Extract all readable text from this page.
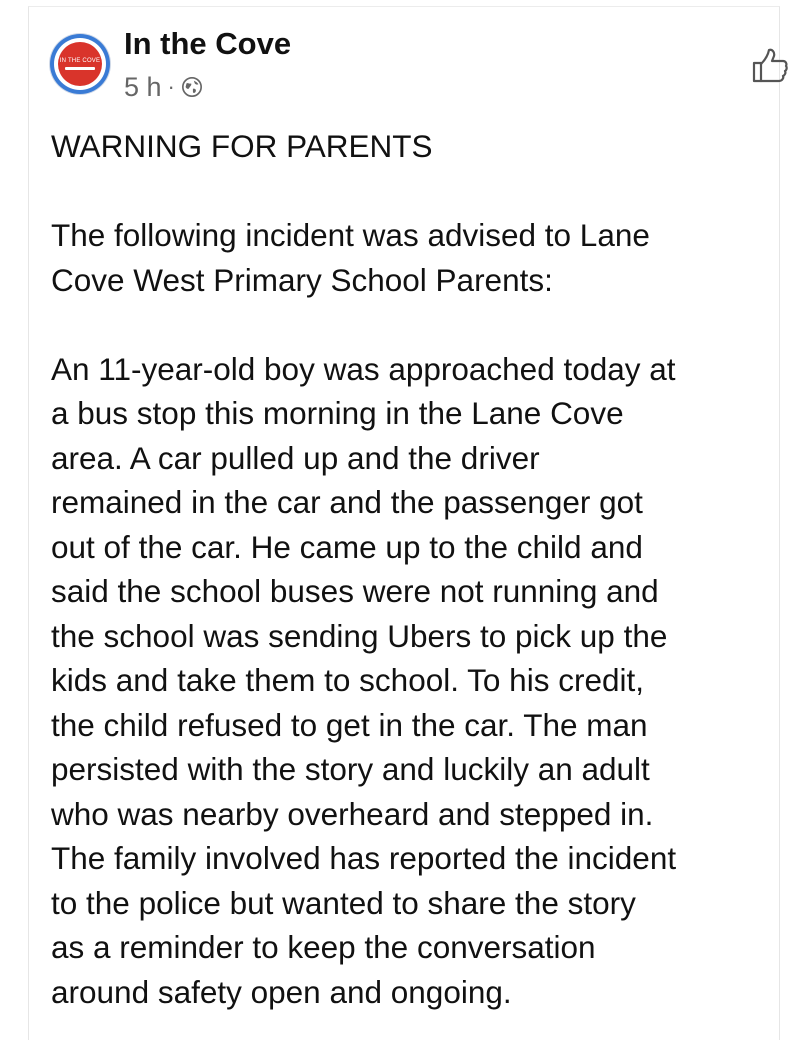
IN THE COVE In the Cove
5 h ·

WARNING FOR PARENTS

The following incident was advised to Lane
Cove West Primary School Parents:

An 11-year-old boy was approached today at
a bus stop this morning in the Lane Cove
area. A car pulled up and the driver
remained in the car and the passenger got
out of the car. He came up to the child and
said the school buses were not running and
the school was sending Ubers to pick up the
kids and take them to school. To his credit,
the child refused to get in the car. The man
persisted with the story and luckily an adult
who was nearby overheard and stepped in.
The family involved has reported the incident
to the police but wanted to share the story
as a reminder to keep the conversation
around safety open and ongoing.
